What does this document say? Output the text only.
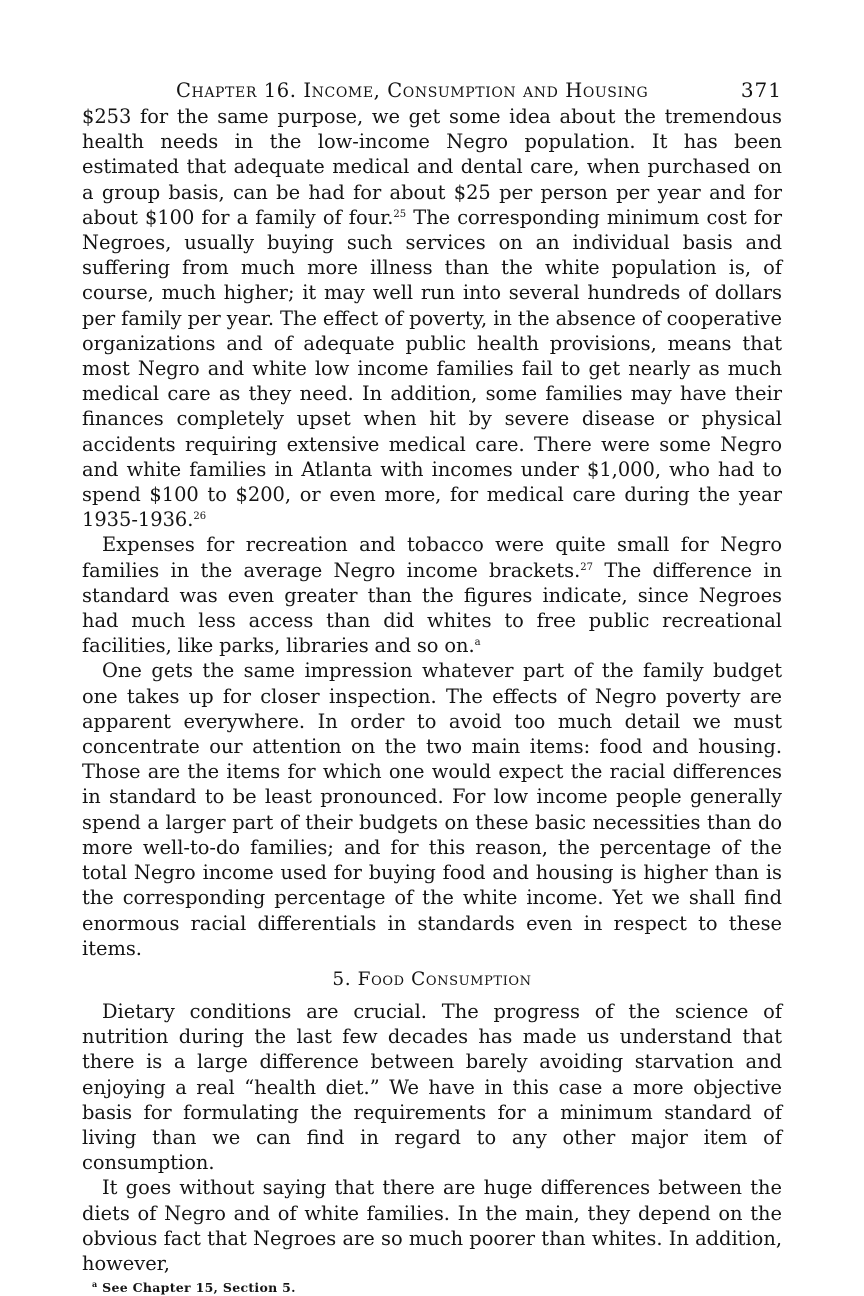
Chapter 16. Income, Consumption and Housing	371

$253 for the same purpose, we get some idea about the tremendous health needs in the low-income Negro population. It has been estimated that adequate medical and dental care, when purchased on a group basis, can be had for about $25 per person per year and for about $100 for a family of four.$^{25}$ The corresponding minimum cost for Negroes, usually buying such services on an individual basis and suffering from much more illness than the white population is, of course, much higher; it may well run into several hundreds of dollars per family per year. The effect of poverty, in the absence of cooperative organizations and of adequate public health provisions, means that most Negro and white low income families fail to get nearly as much medical care as they need. In addition, some families may have their finances completely upset when hit by severe disease or physical accidents requiring extensive medical care. There were some Negro and white families in Atlanta with incomes under $1,000, who had to spend $100 to $200, or even more, for medical care during the year 1935-1936.26

Expenses for recreation and tobacco were quite small for Negro families in the average Negro income brackets.$^{27}$ The difference in standard was even greater than the figures indicate, since Negroes had much less access than did whites to free public recreational facilities, like parks, libraries and so on.$^a$

One gets the same impression whatever part of the family budget one takes up for closer inspection. The effects of Negro poverty are apparent everywhere. In order to avoid too much detail we must concentrate our attention on the two main items: food and housing. Those are the items for which one would expect the racial differences in standard to be least pronounced. For low income people generally spend a larger part of their budgets on these basic necessities than do more well-to-do families; and for this reason, the percentage of the total Negro income used for buying food and housing is higher than is the corresponding percentage of the white income. Yet we shall find enormous racial differentials in standards even in respect to these items.

5. Food Consumption

Dietary conditions are crucial. The progress of the science of nutrition during the last few decades has made us understand that there is a large difference between barely avoiding starvation and enjoying a real “health diet.” We have in this case a more objective basis for formulating the requirements for a minimum standard of living than we can find in regard to any other major item of consumption.

It goes without saying that there are huge differences between the diets of Negro and of white families. In the main, they depend on the obvious fact that Negroes are so much poorer than whites. In addition, however,

$^a$ See Chapter 15, Section 5.
